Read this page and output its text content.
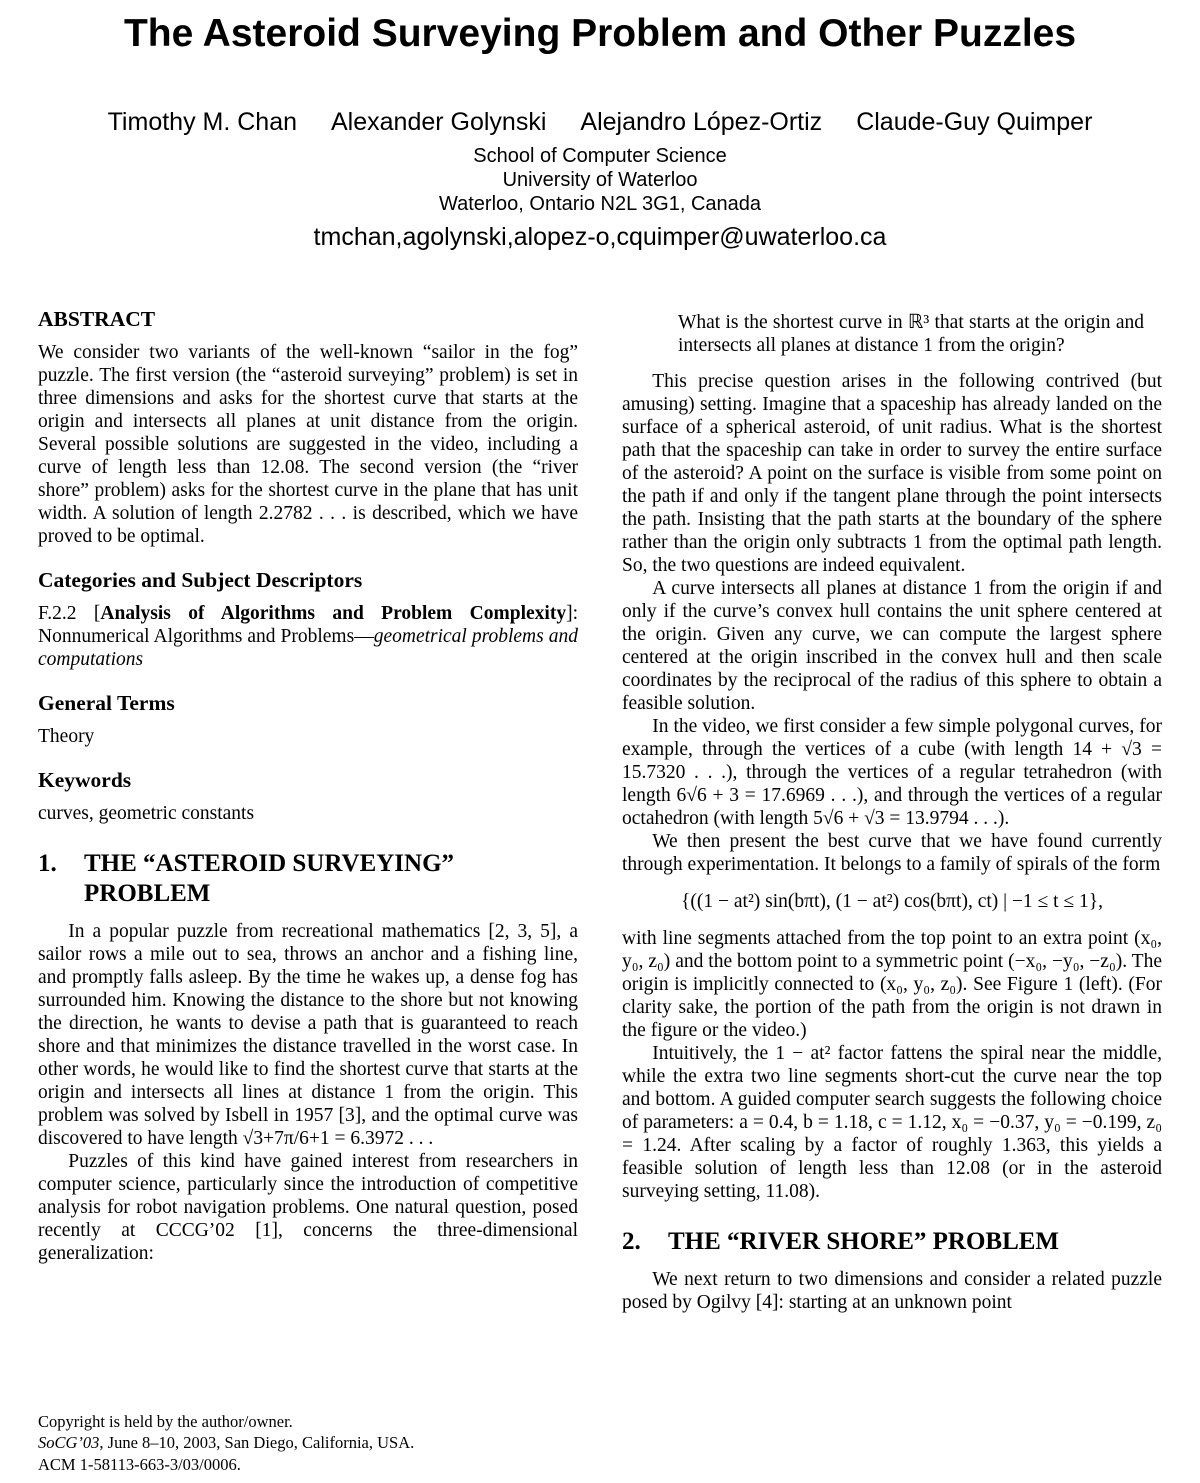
The Asteroid Surveying Problem and Other Puzzles
Timothy M. Chan Alexander Golynski Alejandro López-Ortiz Claude-Guy Quimper
School of Computer Science
University of Waterloo
Waterloo, Ontario N2L 3G1, Canada
tmchan,agolynski,alopez-o,cquimper@uwaterloo.ca
ABSTRACT

We consider two variants of the well-known “sailor in the fog” puzzle. The first version (the “asteroid surveying” problem) is set in three dimensions and asks for the shortest curve that starts at the origin and intersects all planes at unit distance from the origin. Several possible solutions are suggested in the video, including a curve of length less than 12.08. The second version (the “river shore” problem) asks for the shortest curve in the plane that has unit width. A solution of length 2.2782 . . . is described, which we have proved to be optimal.

Categories and Subject Descriptors

F.2.2 [Analysis of Algorithms and Problem Complexity]: Nonnumerical Algorithms and Problems—geometrical problems and computations

General Terms

Theory

Keywords

curves, geometric constants

1.	THE “ASTEROID SURVEYING” PROBLEM

In a popular puzzle from recreational mathematics [2, 3, 5], a sailor rows a mile out to sea, throws an anchor and a fishing line, and promptly falls asleep. By the time he wakes up, a dense fog has surrounded him. Knowing the distance to the shore but not knowing the direction, he wants to devise a path that is guaranteed to reach shore and that minimizes the distance travelled in the worst case. In other words, he would like to find the shortest curve that starts at the origin and intersects all lines at distance 1 from the origin. This problem was solved by Isbell in 1957 [3], and the optimal curve was discovered to have length √3+7π/6+1 = 6.3972 . . .

Puzzles of this kind have gained interest from researchers in computer science, particularly since the introduction of competitive analysis for robot navigation problems. One natural question, posed recently at CCCG’02 [1], concerns the three-dimensional generalization:

Copyright is held by the author/owner.
SoCG’03, June 8–10, 2003, San Diego, California, USA.
ACM 1-58113-663-3/03/0006.

What is the shortest curve in ℝ³ that starts at the origin and intersects all planes at distance 1 from the origin?

This precise question arises in the following contrived (but amusing) setting. Imagine that a spaceship has already landed on the surface of a spherical asteroid, of unit radius. What is the shortest path that the spaceship can take in order to survey the entire surface of the asteroid? A point on the surface is visible from some point on the path if and only if the tangent plane through the point intersects the path. Insisting that the path starts at the boundary of the sphere rather than the origin only subtracts 1 from the optimal path length. So, the two questions are indeed equivalent.

A curve intersects all planes at distance 1 from the origin if and only if the curve’s convex hull contains the unit sphere centered at the origin. Given any curve, we can compute the largest sphere centered at the origin inscribed in the convex hull and then scale coordinates by the reciprocal of the radius of this sphere to obtain a feasible solution.

In the video, we first consider a few simple polygonal curves, for example, through the vertices of a cube (with length 14 + √3 = 15.7320 . . .), through the vertices of a regular tetrahedron (with length 6√6 + 3 = 17.6969 . . .), and through the vertices of a regular octahedron (with length 5√6 + √3 = 13.9794 . . .).

We then present the best curve that we have found currently through experimentation. It belongs to a family of spirals of the form

{((1 − at²) sin(bπt), (1 − at²) cos(bπt), ct) | −1 ≤ t ≤ 1},

with line segments attached from the top point to an extra point (x₀, y₀, z₀) and the bottom point to a symmetric point (−x₀, −y₀, −z₀). The origin is implicitly connected to (x₀, y₀, z₀). See Figure 1 (left). (For clarity sake, the portion of the path from the origin is not drawn in the figure or the video.)

Intuitively, the 1 − at² factor fattens the spiral near the middle, while the extra two line segments short-cut the curve near the top and bottom. A guided computer search suggests the following choice of parameters: a = 0.4, b = 1.18, c = 1.12, x₀ = −0.37, y₀ = −0.199, z₀ = 1.24. After scaling by a factor of roughly 1.363, this yields a feasible solution of length less than 12.08 (or in the asteroid surveying setting, 11.08).

2.	THE “RIVER SHORE” PROBLEM

We next return to two dimensions and consider a related puzzle posed by Ogilvy [4]: starting at an unknown point
